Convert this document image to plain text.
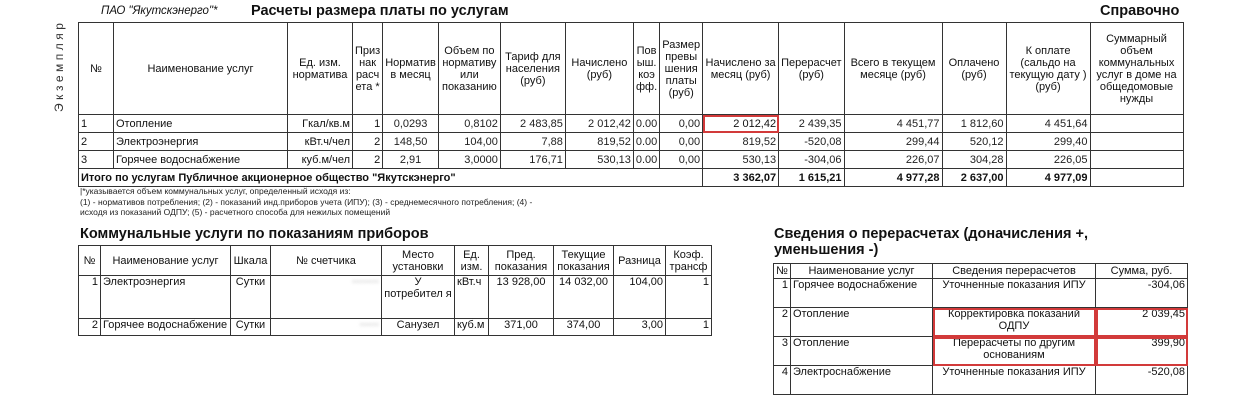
Экземпляр
ПАО "Якутскэнерго"* Расчеты размера платы по услугам	Справочно
№	Наименование услуг	Ед. изм. норматива	Приз нак расч ета *	Норматив в месяц	Объем по нормативу или показанию	Тариф для населения (руб)	Начислено (руб)	Пов ыш. коэ фф.	Размер превы шения платы (руб)	Начислено за месяц (руб)	Перерасчет (руб)	Всего в текущем месяце (руб)	Оплачено (руб)	К оплате (сальдо на текущую дату )(руб)	Суммарный объем коммунальных услуг в доме на общедомовые нужды
1	Отопление	Гкал/кв.м	1	0,0293	0,8102	2 483,85	2 012,42	0.00	0,00	2 012,42	2 439,35	4 451,77	1 812,60	4 451,64	
2	Электроэнергия	кВт.ч/чел	2	148,50	104,00	7,88	819,52	0.00	0,00	819,52	-520,08	299,44	520,12	299,40	
3	Горячее водоснабжение	куб.м/чел	2	2,91	3,0000	176,71	530,13	0.00	0,00	530,13	-304,06	226,07	304,28	226,05	
Итого по услугам Публичное акционерное общество "Якутскэнерго"										3 362,07	1 615,21	4 977,28	2 637,00	4 977,09	
|*указывается объем коммунальных услуг, определенный исходя из:
(1) - нормативов потребления; (2) - показаний инд.приборов учета (ИПУ); (3) - среднемесячного потребления; (4) -
исходя из показаний ОДПУ; (5) - расчетного способа для нежилых помещений
Коммунальные услуги по показаниям приборов
№	Наименование услуг	Шкала	№ счетчика	Место установки	Ед. изм.	Пред. показания	Текущие показания	Разница	Коэф. трансф
1	Электроэнергия	Сутки	•••••••	У потребител я	кВт.ч	13 928,00	14 032,00	104,00	1
2	Горячее водоснабжение	Сутки	•••••	Санузел	куб.м	371,00	374,00	3,00	1
Сведения о перерасчетах (доначисления +, уменьшения -)
№	Наименование услуг	Сведения перерасчетов	Сумма, руб.
1	Горячее водоснабжение	Уточненные показания ИПУ	-304,06
2	Отопление	Корректировка показаний ОДПУ	2 039,45
3	Отопление	Перерасчеты по другим основаниям	399,90
4	Электроснабжение	Уточненные показания ИПУ	-520,08
